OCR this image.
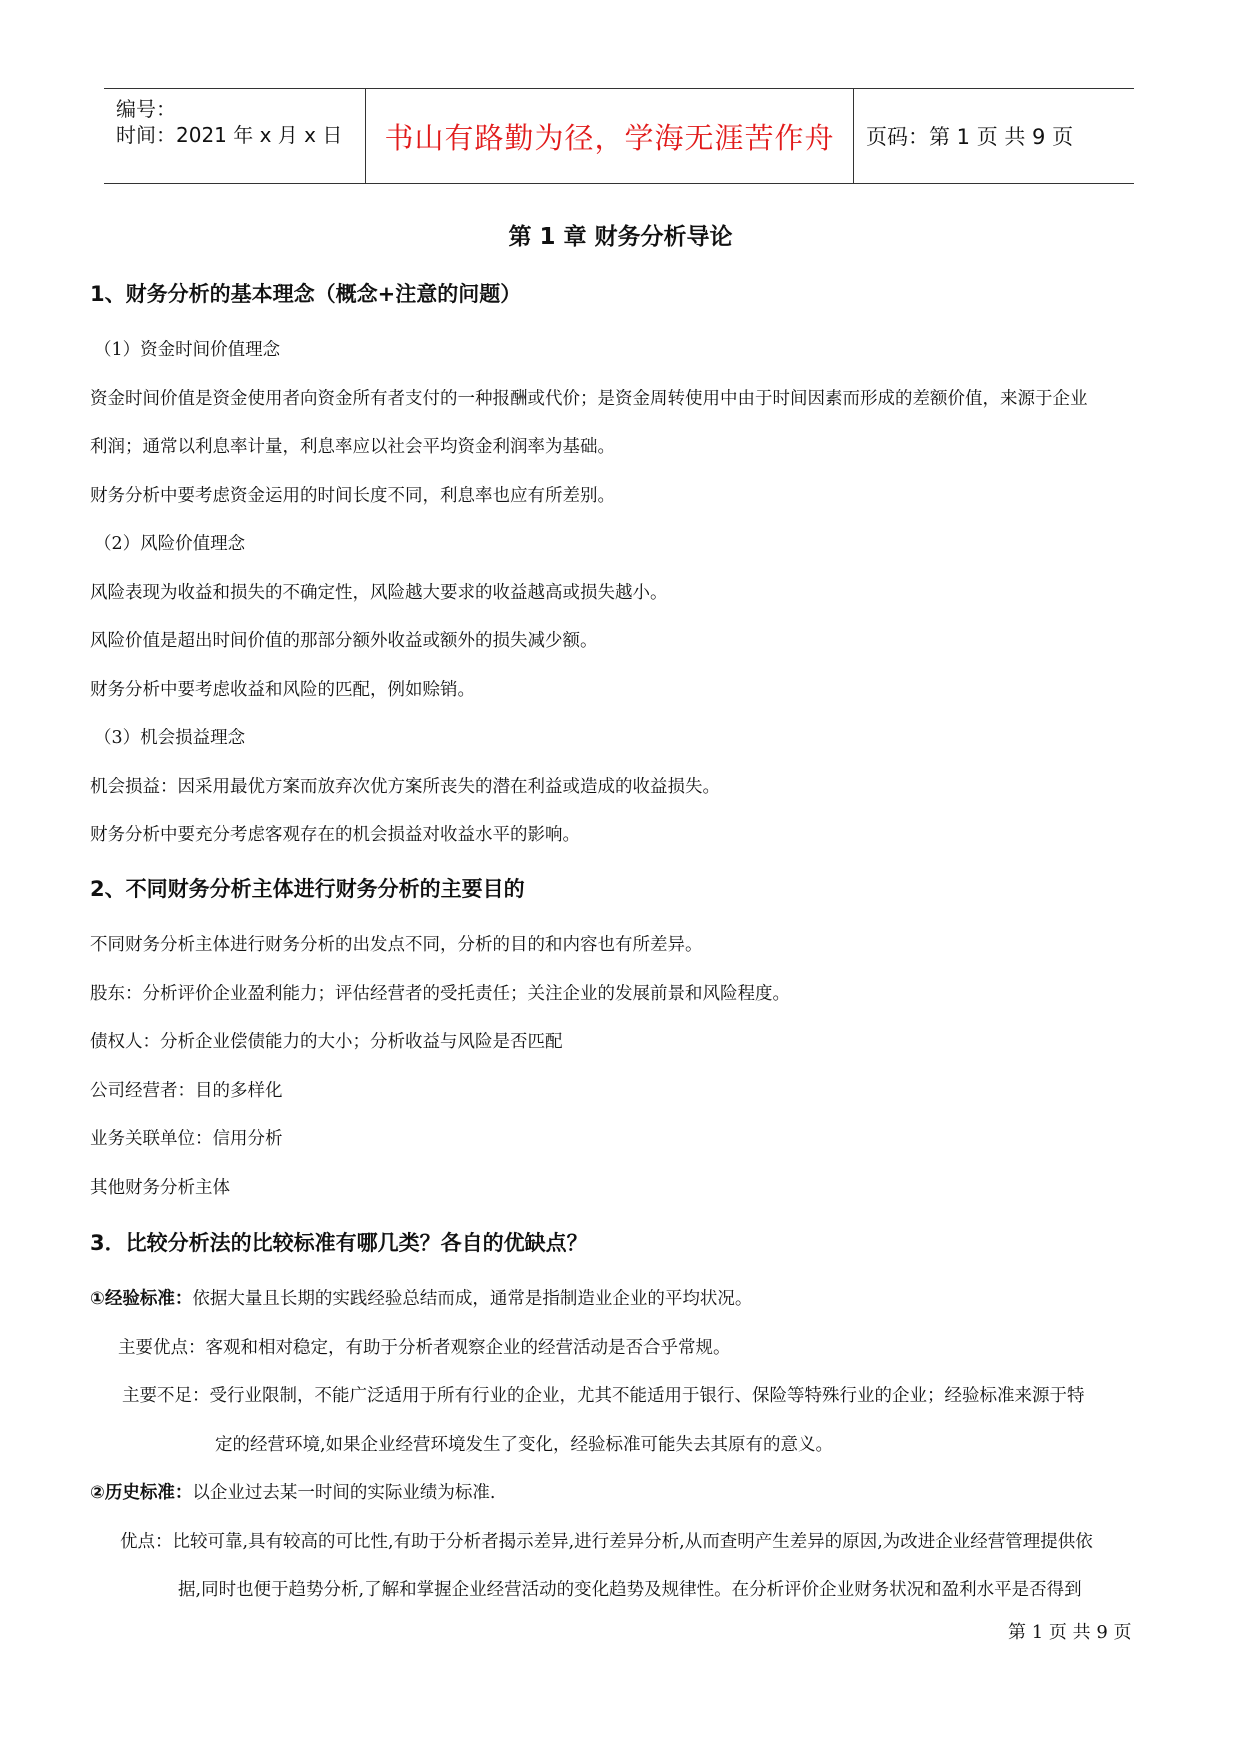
编号：
时间：2021 年 x 月 x 日 书山有路勤为径，学海无涯苦作舟 页码：第 1 页 共 9 页
第 1 章 财务分析导论
1、财务分析的基本理念（概念+注意的问题）
（1）资金时间价值理念
资金时间价值是资金使用者向资金所有者支付的一种报酬或代价；是资金周转使用中由于时间因素而形成的差额价值，来源于企业
利润；通常以利息率计量，利息率应以社会平均资金利润率为基础。
财务分析中要考虑资金运用的时间长度不同，利息率也应有所差别。
（2）风险价值理念
风险表现为收益和损失的不确定性，风险越大要求的收益越高或损失越小。
风险价值是超出时间价值的那部分额外收益或额外的损失减少额。
财务分析中要考虑收益和风险的匹配，例如赊销。
（3）机会损益理念
机会损益：因采用最优方案而放弃次优方案所丧失的潜在利益或造成的收益损失。
财务分析中要充分考虑客观存在的机会损益对收益水平的影响。
2、不同财务分析主体进行财务分析的主要目的
不同财务分析主体进行财务分析的出发点不同，分析的目的和内容也有所差异。
股东：分析评价企业盈利能力；评估经营者的受托责任；关注企业的发展前景和风险程度。
债权人：分析企业偿债能力的大小；分析收益与风险是否匹配
公司经营者：目的多样化
业务关联单位：信用分析
其他财务分析主体
3．比较分析法的比较标准有哪几类？各自的优缺点？
①经验标准：依据大量且长期的实践经验总结而成，通常是指制造业企业的平均状况。
主要优点：客观和相对稳定，有助于分析者观察企业的经营活动是否合乎常规。
主要不足：受行业限制，不能广泛适用于所有行业的企业，尤其不能适用于银行、保险等特殊行业的企业；经验标准来源于特
定的经营环境,如果企业经营环境发生了变化，经验标准可能失去其原有的意义。
②历史标准：以企业过去某一时间的实际业绩为标准.
优点：比较可靠,具有较高的可比性,有助于分析者揭示差异,进行差异分析,从而查明产生差异的原因,为改进企业经营管理提供依
据,同时也便于趋势分析,了解和掌握企业经营活动的变化趋势及规律性。在分析评价企业财务状况和盈利水平是否得到
第 1 页 共 9 页
